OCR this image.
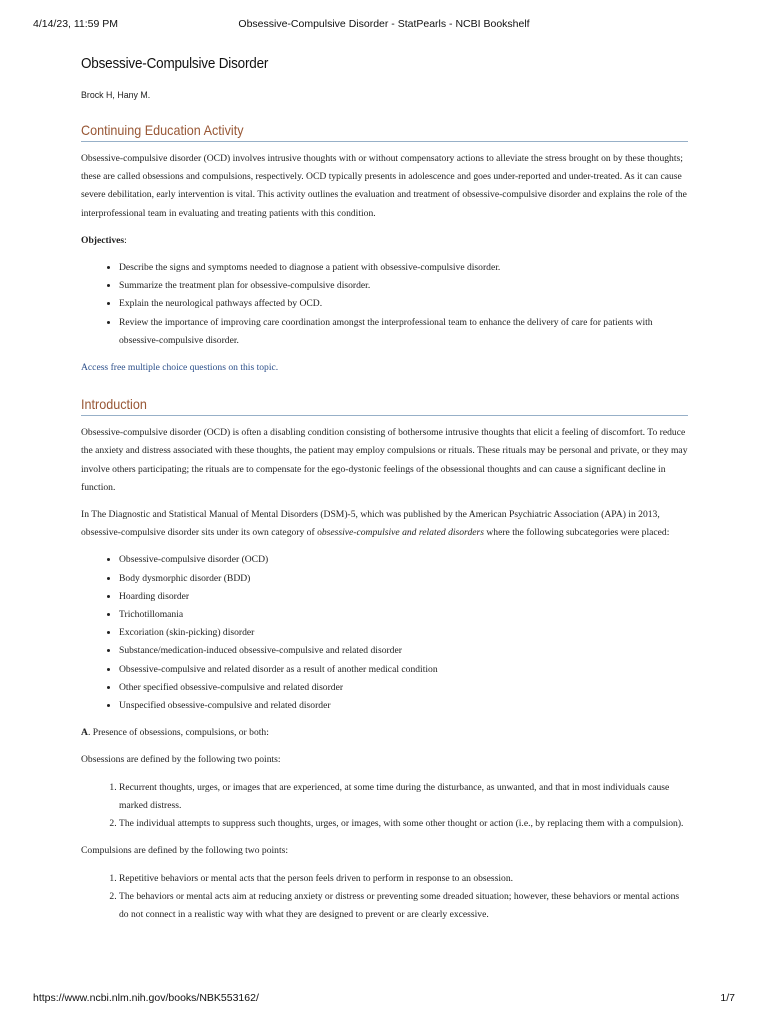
4/14/23, 11:59 PM	Obsessive-Compulsive Disorder - StatPearls - NCBI Bookshelf
Obsessive-Compulsive Disorder
Brock H, Hany M.
Continuing Education Activity

Obsessive-compulsive disorder (OCD) involves intrusive thoughts with or without compensatory actions to alleviate the stress brought on by these thoughts; these are called obsessions and compulsions, respectively. OCD typically presents in adolescence and goes under-reported and under-treated. As it can cause severe debilitation, early intervention is vital. This activity outlines the evaluation and treatment of obsessive-compulsive disorder and explains the role of the interprofessional team in evaluating and treating patients with this condition.

Objectives:

• Describe the signs and symptoms needed to diagnose a patient with obsessive-compulsive disorder.
• Summarize the treatment plan for obsessive-compulsive disorder.
• Explain the neurological pathways affected by OCD.
• Review the importance of improving care coordination amongst the interprofessional team to enhance the delivery of care for patients with obsessive-compulsive disorder.

Access free multiple choice questions on this topic.

Introduction

Obsessive-compulsive disorder (OCD) is often a disabling condition consisting of bothersome intrusive thoughts that elicit a feeling of discomfort. To reduce the anxiety and distress associated with these thoughts, the patient may employ compulsions or rituals. These rituals may be personal and private, or they may involve others participating; the rituals are to compensate for the ego-dystonic feelings of the obsessional thoughts and can cause a significant decline in function.

In The Diagnostic and Statistical Manual of Mental Disorders (DSM)-5, which was published by the American Psychiatric Association (APA) in 2013, obsessive-compulsive disorder sits under its own category of obsessive-compulsive and related disorders where the following subcategories were placed:

• Obsessive-compulsive disorder (OCD)
• Body dysmorphic disorder (BDD)
• Hoarding disorder
• Trichotillomania
• Excoriation (skin-picking) disorder
• Substance/medication-induced obsessive-compulsive and related disorder
• Obsessive-compulsive and related disorder as a result of another medical condition
• Other specified obsessive-compulsive and related disorder
• Unspecified obsessive-compulsive and related disorder

A. Presence of obsessions, compulsions, or both:

Obsessions are defined by the following two points:

1. Recurrent thoughts, urges, or images that are experienced, at some time during the disturbance, as unwanted, and that in most individuals cause marked distress.
2. The individual attempts to suppress such thoughts, urges, or images, with some other thought or action (i.e., by replacing them with a compulsion).

Compulsions are defined by the following two points:

1. Repetitive behaviors or mental acts that the person feels driven to perform in response to an obsession.
2. The behaviors or mental acts aim at reducing anxiety or distress or preventing some dreaded situation; however, these behaviors or mental actions do not connect in a realistic way with what they are designed to prevent or are clearly excessive.
https://www.ncbi.nlm.nih.gov/books/NBK553162/	1/7
